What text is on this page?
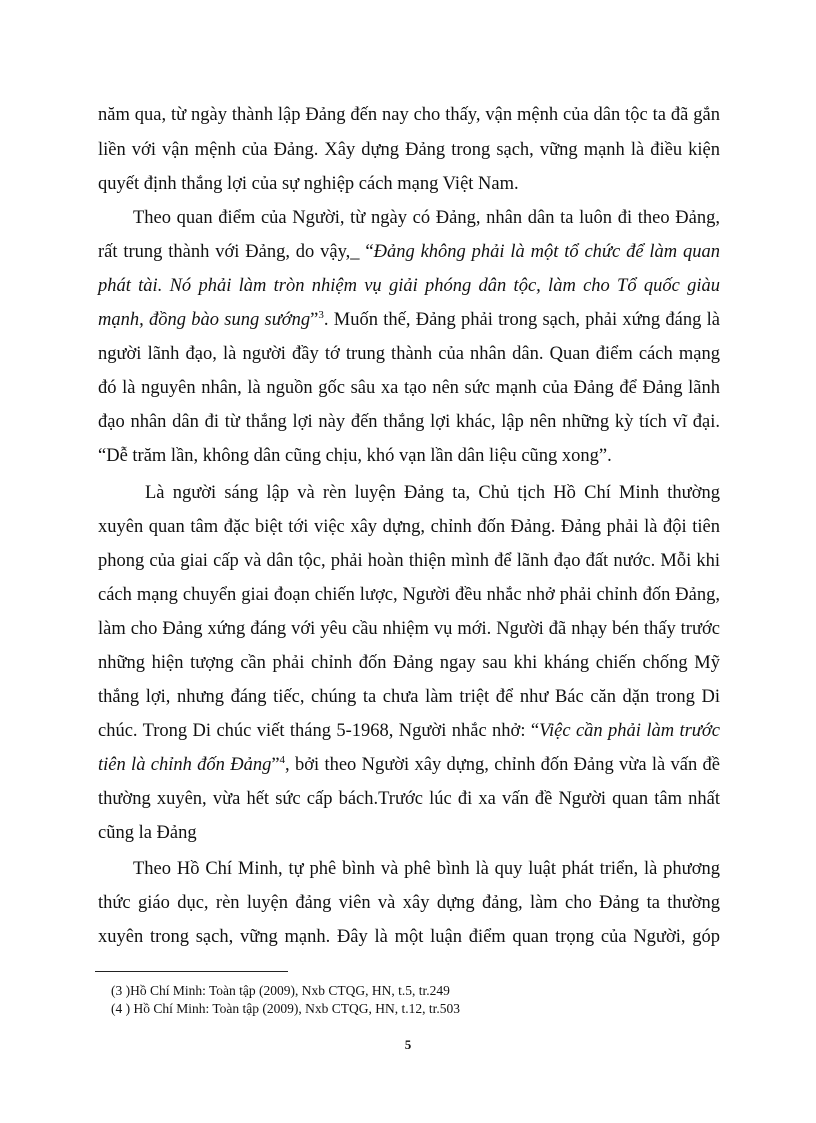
năm qua, từ ngày thành lập Đảng đến nay cho thấy, vận mệnh của dân tộc ta đã gắn
liền với vận mệnh của Đảng. Xây dựng Đảng trong sạch, vững mạnh là điều kiện
quyết định thắng lợi của sự nghiệp cách mạng Việt Nam.
Theo quan điểm của Người, từ ngày có Đảng, nhân dân ta luôn đi theo Đảng,
rất trung thành với Đảng, do vậy,_ “Đảng không phải là một tổ chức để làm quan
phát tài. Nó phải làm tròn nhiệm vụ giải phóng dân tộc, làm cho Tổ quốc giàu
mạnh, đồng bào sung sướng”$^3$. Muốn thế, Đảng phải trong sạch, phải xứng đáng là
người lãnh đạo, là người đầy tớ trung thành của nhân dân. Quan điểm cách mạng
đó là nguyên nhân, là nguồn gốc sâu xa tạo nên sức mạnh của Đảng để Đảng lãnh
đạo nhân dân đi từ thắng lợi này đến thắng lợi khác, lập nên những kỳ tích vĩ đại.
“Dễ trăm lần, không dân cũng chịu, khó vạn lần dân liệu cũng xong”.
Là người sáng lập và rèn luyện Đảng ta, Chủ tịch Hồ Chí Minh thường
xuyên quan tâm đặc biệt tới việc xây dựng, chỉnh đốn Đảng. Đảng phải là đội tiên
phong của giai cấp và dân tộc, phải hoàn thiện mình để lãnh đạo đất nước. Mỗi khi
cách mạng chuyển giai đoạn chiến lược, Người đều nhắc nhở phải chỉnh đốn Đảng,
làm cho Đảng xứng đáng với yêu cầu nhiệm vụ mới. Người đã nhạy bén thấy trước
những hiện tượng cần phải chỉnh đốn Đảng ngay sau khi kháng chiến chống Mỹ
thắng lợi, nhưng đáng tiếc, chúng ta chưa làm triệt để như Bác căn dặn trong Di
chúc. Trong Di chúc viết tháng 5-1968, Người nhắc nhở: “Việc cần phải làm trước
tiên là chỉnh đốn Đảng”$^4$, bởi theo Người xây dựng, chỉnh đốn Đảng vừa là vấn đề
thường xuyên, vừa hết sức cấp bách.Trước lúc đi xa vấn đề Người quan tâm nhất
cũng la Đảng
Theo Hồ Chí Minh, tự phê bình và phê bình là quy luật phát triển, là phương
thức giáo dục, rèn luyện đảng viên và xây dựng đảng, làm cho Đảng ta thường
xuyên trong sạch, vững mạnh. Đây là một luận điểm quan trọng của Người, góp
(3 )Hồ Chí Minh: Toàn tập (2009), Nxb CTQG, HN, t.5, tr.249
(4 ) Hồ Chí Minh: Toàn tập (2009), Nxb CTQG, HN, t.12, tr.503
5
